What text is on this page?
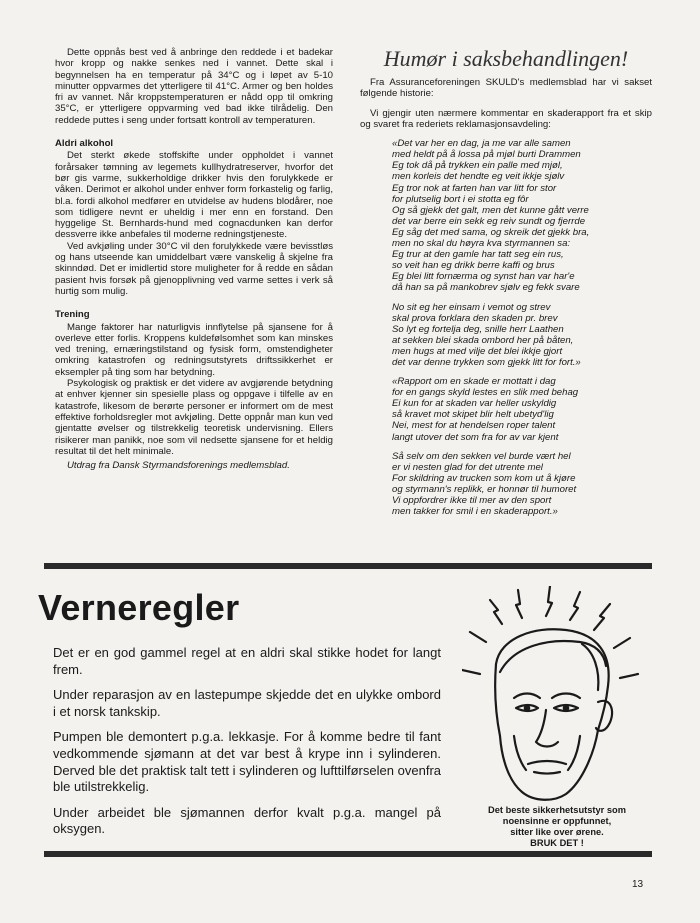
Dette oppnås best ved å anbringe den reddede i et badekar hvor kropp og nakke senkes ned i vannet. Dette skal i begynnelsen ha en temperatur på 34°C og i løpet av 5-10 minutter oppvarmes det ytterligere til 41°C. Armer og ben holdes fri av vannet. Når kroppstemperaturen er nådd opp til omkring 35°C, er ytterligere oppvarming ved bad ikke tilrådelig. Den reddede puttes i seng under fortsatt kontroll av temperaturen.

Aldri alkohol

Det sterkt økede stoffskifte under oppholdet i vannet forårsaker tømning av legemets kullhydratreserver, hvorfor det bør gis varme, sukkerholdige drikker hvis den forulykkede er våken. Derimot er alkohol under enhver form forkastelig og farlig, bl.a. fordi alkohol medfører en utvidelse av hudens blodårer, noe som tidligere nevnt er uheldig i mer enn en forstand. Den hyggelige St. Bernhards-hund med cognacdunken kan derfor dessverre ikke anbefales til moderne redningstjeneste.

Ved avkjøling under 30°C vil den forulykkede være bevisstløs og hans utseende kan umiddelbart være vanskelig å skjelne fra skinndød. Det er imidlertid store muligheter for å redde en sådan pasient hvis forsøk på gjenopplivning ved varme settes i verk så hurtig som mulig.

Trening

Mange faktorer har naturligvis innflytelse på sjansene for å overleve etter forlis. Kroppens kuldefølsomhet som kan minskes ved trening, ernæringstilstand og fysisk form, omstendigheter omkring katastrofen og redningsutstyrets driftssikkerhet er eksempler på ting som har betydning.

Psykologisk og praktisk er det videre av avgjørende betydning at enhver kjenner sin spesielle plass og oppgave i tilfelle av en katastrofe, likesom de berørte personer er informert om de mest effektive forholdsregler mot avkjøling. Dette oppnår man kun ved gjentatte øvelser og tilstrekkelig teoretisk undervisning. Ellers risikerer man panikk, noe som vil nedsette sjansene for et heldig resultat til det helt minimale.

Utdrag fra Dansk Styrmandsforenings medlemsblad.

Humør i saksbehandlingen!

Fra Assuranceforeningen SKULD's medlemsblad har vi sakset følgende historie:

Vi gjengir uten nærmere kommentar en skaderapport fra et skip og svaret fra rederiets reklamasjonsavdeling:

«Det var her en dag, ja me var alle samen
med heldt på å lossa på mjøl burti Drammen
Eg tok då på trykken ein palle med mjøl,
men korleis det hendte eg veit ikkje sjølv
Eg tror nok at farten han var litt for stor
for plutselig bort i ei stotta eg fôr
Og så gjekk det galt, men det kunne gått verre
det var berre ein sekk eg reiv sundt og fjerrde
Eg såg det med sama, og skreik det gjekk bra,
men no skal du høyra kva styrmannen sa:
Eg trur at den gamle har tatt seg ein rus,
so veit han eg drikk berre kaffi og brus
Eg blei litt fornærma og synst han var har'e
då han sa på mankobrev sjølv eg fekk svare
No sit eg her einsam i vemot og strev
skal prova forklara den skaden pr. brev
So lyt eg fortelja deg, snille herr Laathen
at sekken blei skada ombord her på båten,
men hugs at med vilje det blei ikkje gjort
det var denne trykken som gjekk litt for fort.»
«Rapport om en skade er mottatt i dag
for en gangs skyld lestes en slik med behag
Ei kun for at skaden var heller uskyldig
så kravet mot skipet blir helt ubetyd'lig
Nei, mest for at hendelsen roper talent
langt utover det som fra for av var kjent
Så selv om den sekken vel burde vært hel
er vi nesten glad for det utrente mel
For skildring av trucken som kom ut å kjøre
og styrmann's replikk, er honnør til humoret
Vi oppfordrer ikke til mer av den sport
men takker for smil i en skaderapport.»
Verneregler

Det er en god gammel regel at en aldri skal stikke hodet for langt frem.

Under reparasjon av en lastepumpe skjedde det en ulykke ombord i et norsk tankskip.

Pumpen ble demontert p.g.a. lekkasje. For å komme bedre til fant vedkommende sjømann at det var best å krype inn i sylinderen. Derved ble det praktisk talt tett i sylinderen og lufttilførselen ovenfra ble utilstrekkelig.

Under arbeidet ble sjømannen derfor kvalt p.g.a. mangel på oksygen.

Det beste sikkerhetsutstyr som
noensinne er oppfunnet,
sitter like over ørene.
BRUK DET !
13
